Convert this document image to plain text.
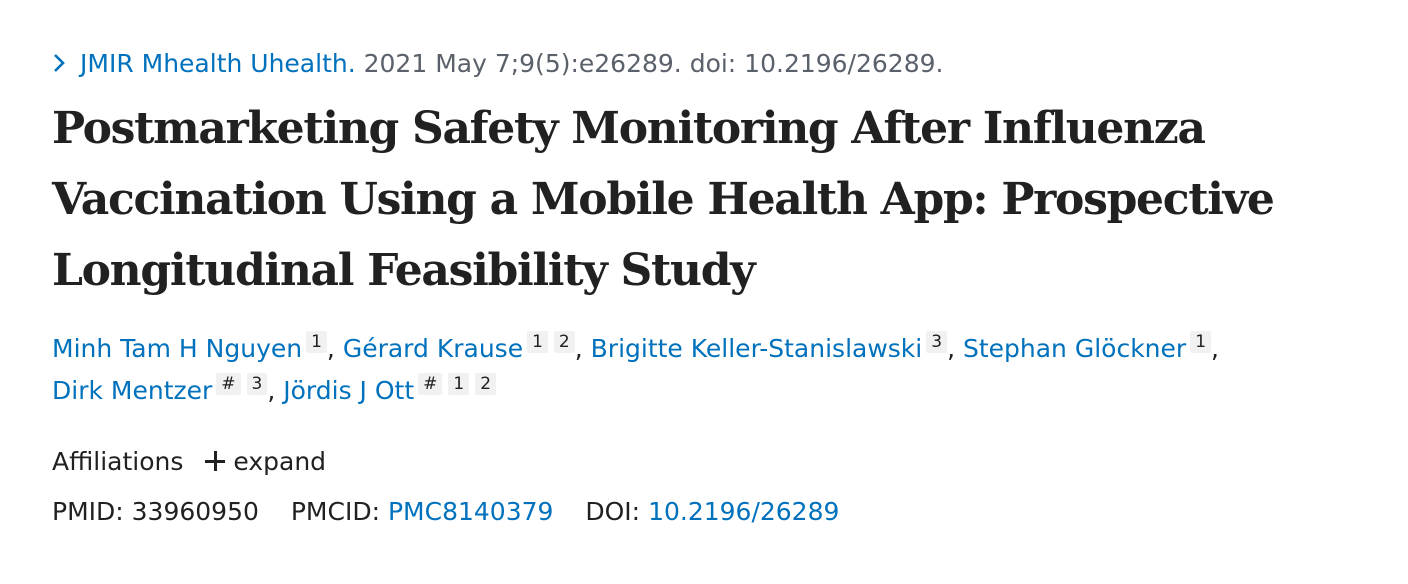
JMIR Mhealth Uhealth. 2021 May 7;9(5):e26289. doi: 10.2196/26289.
Postmarketing Safety Monitoring After Influenza Vaccination Using a Mobile Health App: Prospective Longitudinal Feasibility Study
Minh Tam H Nguyen 1 , Gérard Krause 1 2 , Brigitte Keller-Stanislawski 3 , Stephan Glöckner 1 ,
Dirk Mentzer # 3 , Jördis J Ott # 1 2
Affiliations expand
PMID: 33960950 PMCID: PMC8140379 DOI: 10.2196/26289
